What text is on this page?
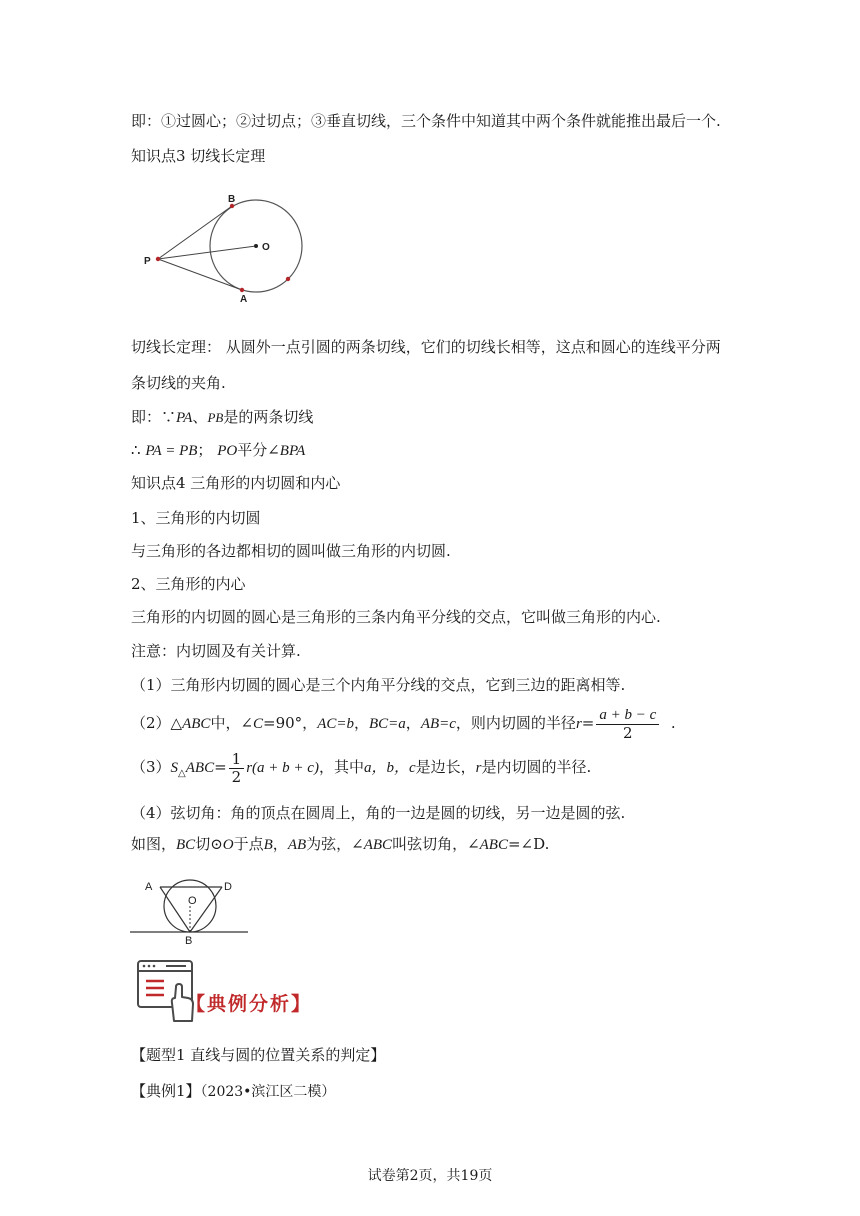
即：①过圆心；②过切点；③垂直切线，三个条件中知道其中两个条件就能推出最后一个.
知识点3 切线长定理
B
O
P
A
切线长定理： 从圆外一点引圆的两条切线，它们的切线长相等，这点和圆心的连线平分两
条切线的夹角.
即：∵PA、PB是的两条切线
∴ PA = PB； PO平分∠BPA
知识点4 三角形的内切圆和内心
1、三角形的内切圆
与三角形的各边都相切的圆叫做三角形的内切圆.
2、三角形的内心
三角形的内切圆的圆心是三角形的三条内角平分线的交点，它叫做三角形的内心.
注意：内切圆及有关计算.
（1）三角形内切圆的圆心是三个内角平分线的交点，它到三边的距离相等.
（2）△ABC中，∠C=90°，AC=b，BC=a，AB=c，则内切圆的半径$r= \frac{a + b - c}{2}$ .
$(3)S_\triangle ABC= \frac{1}{2} r(a + b + c)$，其中a，b，c是边长，r是内切圆的半径.
（4）弦切角：角的顶点在圆周上，角的一边是圆的切线，另一边是圆的弦.
如图，BC切⊙O于点B，AB为弦，∠ABC叫弦切角，∠ABC=∠D.
A	D
O
B
【典例分析】
【题型1 直线与圆的位置关系的判定】
【典例1】（2023•滨江区二模）
试卷第2页，共19页
